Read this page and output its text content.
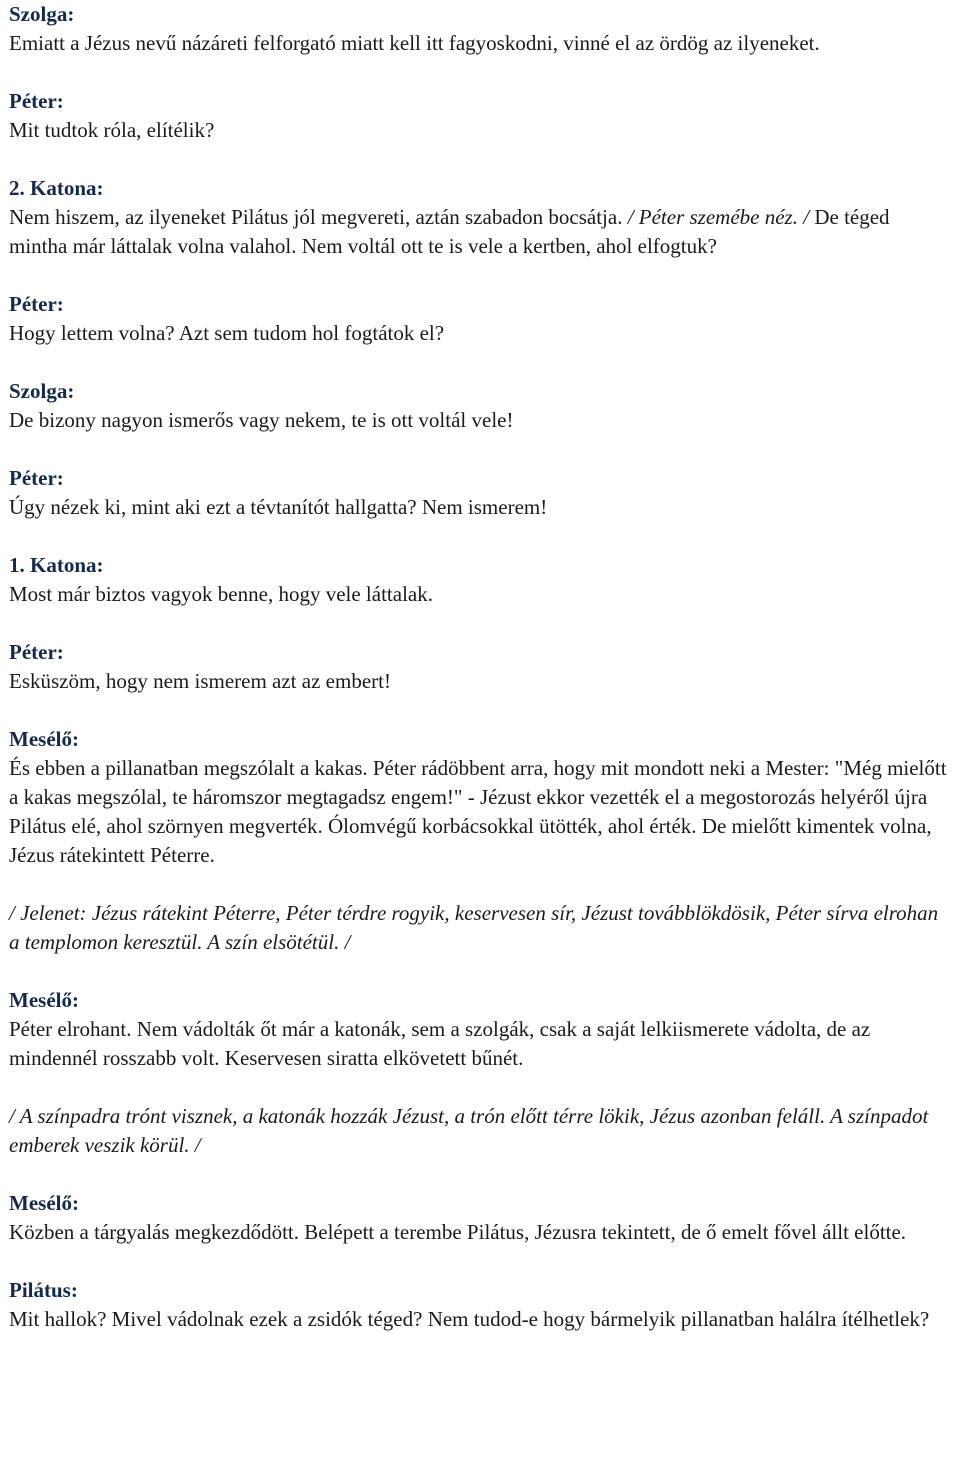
Szolga:
Emiatt a Jézus nevű názáreti felforgató miatt kell itt fagyoskodni, vinné el az ördög az ilyeneket.
Péter:
Mit tudtok róla, elítélik?
2. Katona:
Nem hiszem, az ilyeneket Pilátus jól megvereti, aztán szabadon bocsátja. / Péter szemébe néz. / De téged mintha már láttalak volna valahol. Nem voltál ott te is vele a kertben, ahol elfogtuk?
Péter:
Hogy lettem volna? Azt sem tudom hol fogtátok el?
Szolga:
De bizony nagyon ismerős vagy nekem, te is ott voltál vele!
Péter:
Úgy nézek ki, mint aki ezt a tévtanítót hallgatta? Nem ismerem!
1. Katona:
Most már biztos vagyok benne, hogy vele láttalak.
Péter:
Esküszöm, hogy nem ismerem azt az embert!
Mesélő:
És ebben a pillanatban megszólalt a kakas. Péter rádöbbent arra, hogy mit mondott neki a Mester: "Még mielőtt a kakas megszólal, te háromszor megtagadsz engem!" - Jézust ekkor vezették el a megostorozás helyéről újra Pilátus elé, ahol szörnyen megverték. Ólomvégű korbácsokkal ütötték, ahol érték. De mielőtt kimentek volna, Jézus rátekintett Péterre.
/ Jelenet: Jézus rátekint Péterre, Péter térdre rogyik, keservesen sír, Jézust továbblökdösik, Péter sírva elrohan a templomon keresztül. A szín elsötétül. /
Mesélő:
Péter elrohant. Nem vádolták őt már a katonák, sem a szolgák, csak a saját lelkiismerete vádolta, de az mindennél rosszabb volt. Keservesen siratta elkövetett bűnét.
/ A színpadra trónt visznek, a katonák hozzák Jézust, a trón előtt térre lökik, Jézus azonban feláll. A színpadot emberek veszik körül. /
Mesélő:
Közben a tárgyalás megkezdődött. Belépett a terembe Pilátus, Jézusra tekintett, de ő emelt fővel állt előtte.
Pilátus:
Mit hallok? Mivel vádolnak ezek a zsidók téged? Nem tudod-e hogy bármelyik pillanatban halálra ítélhetlek?
